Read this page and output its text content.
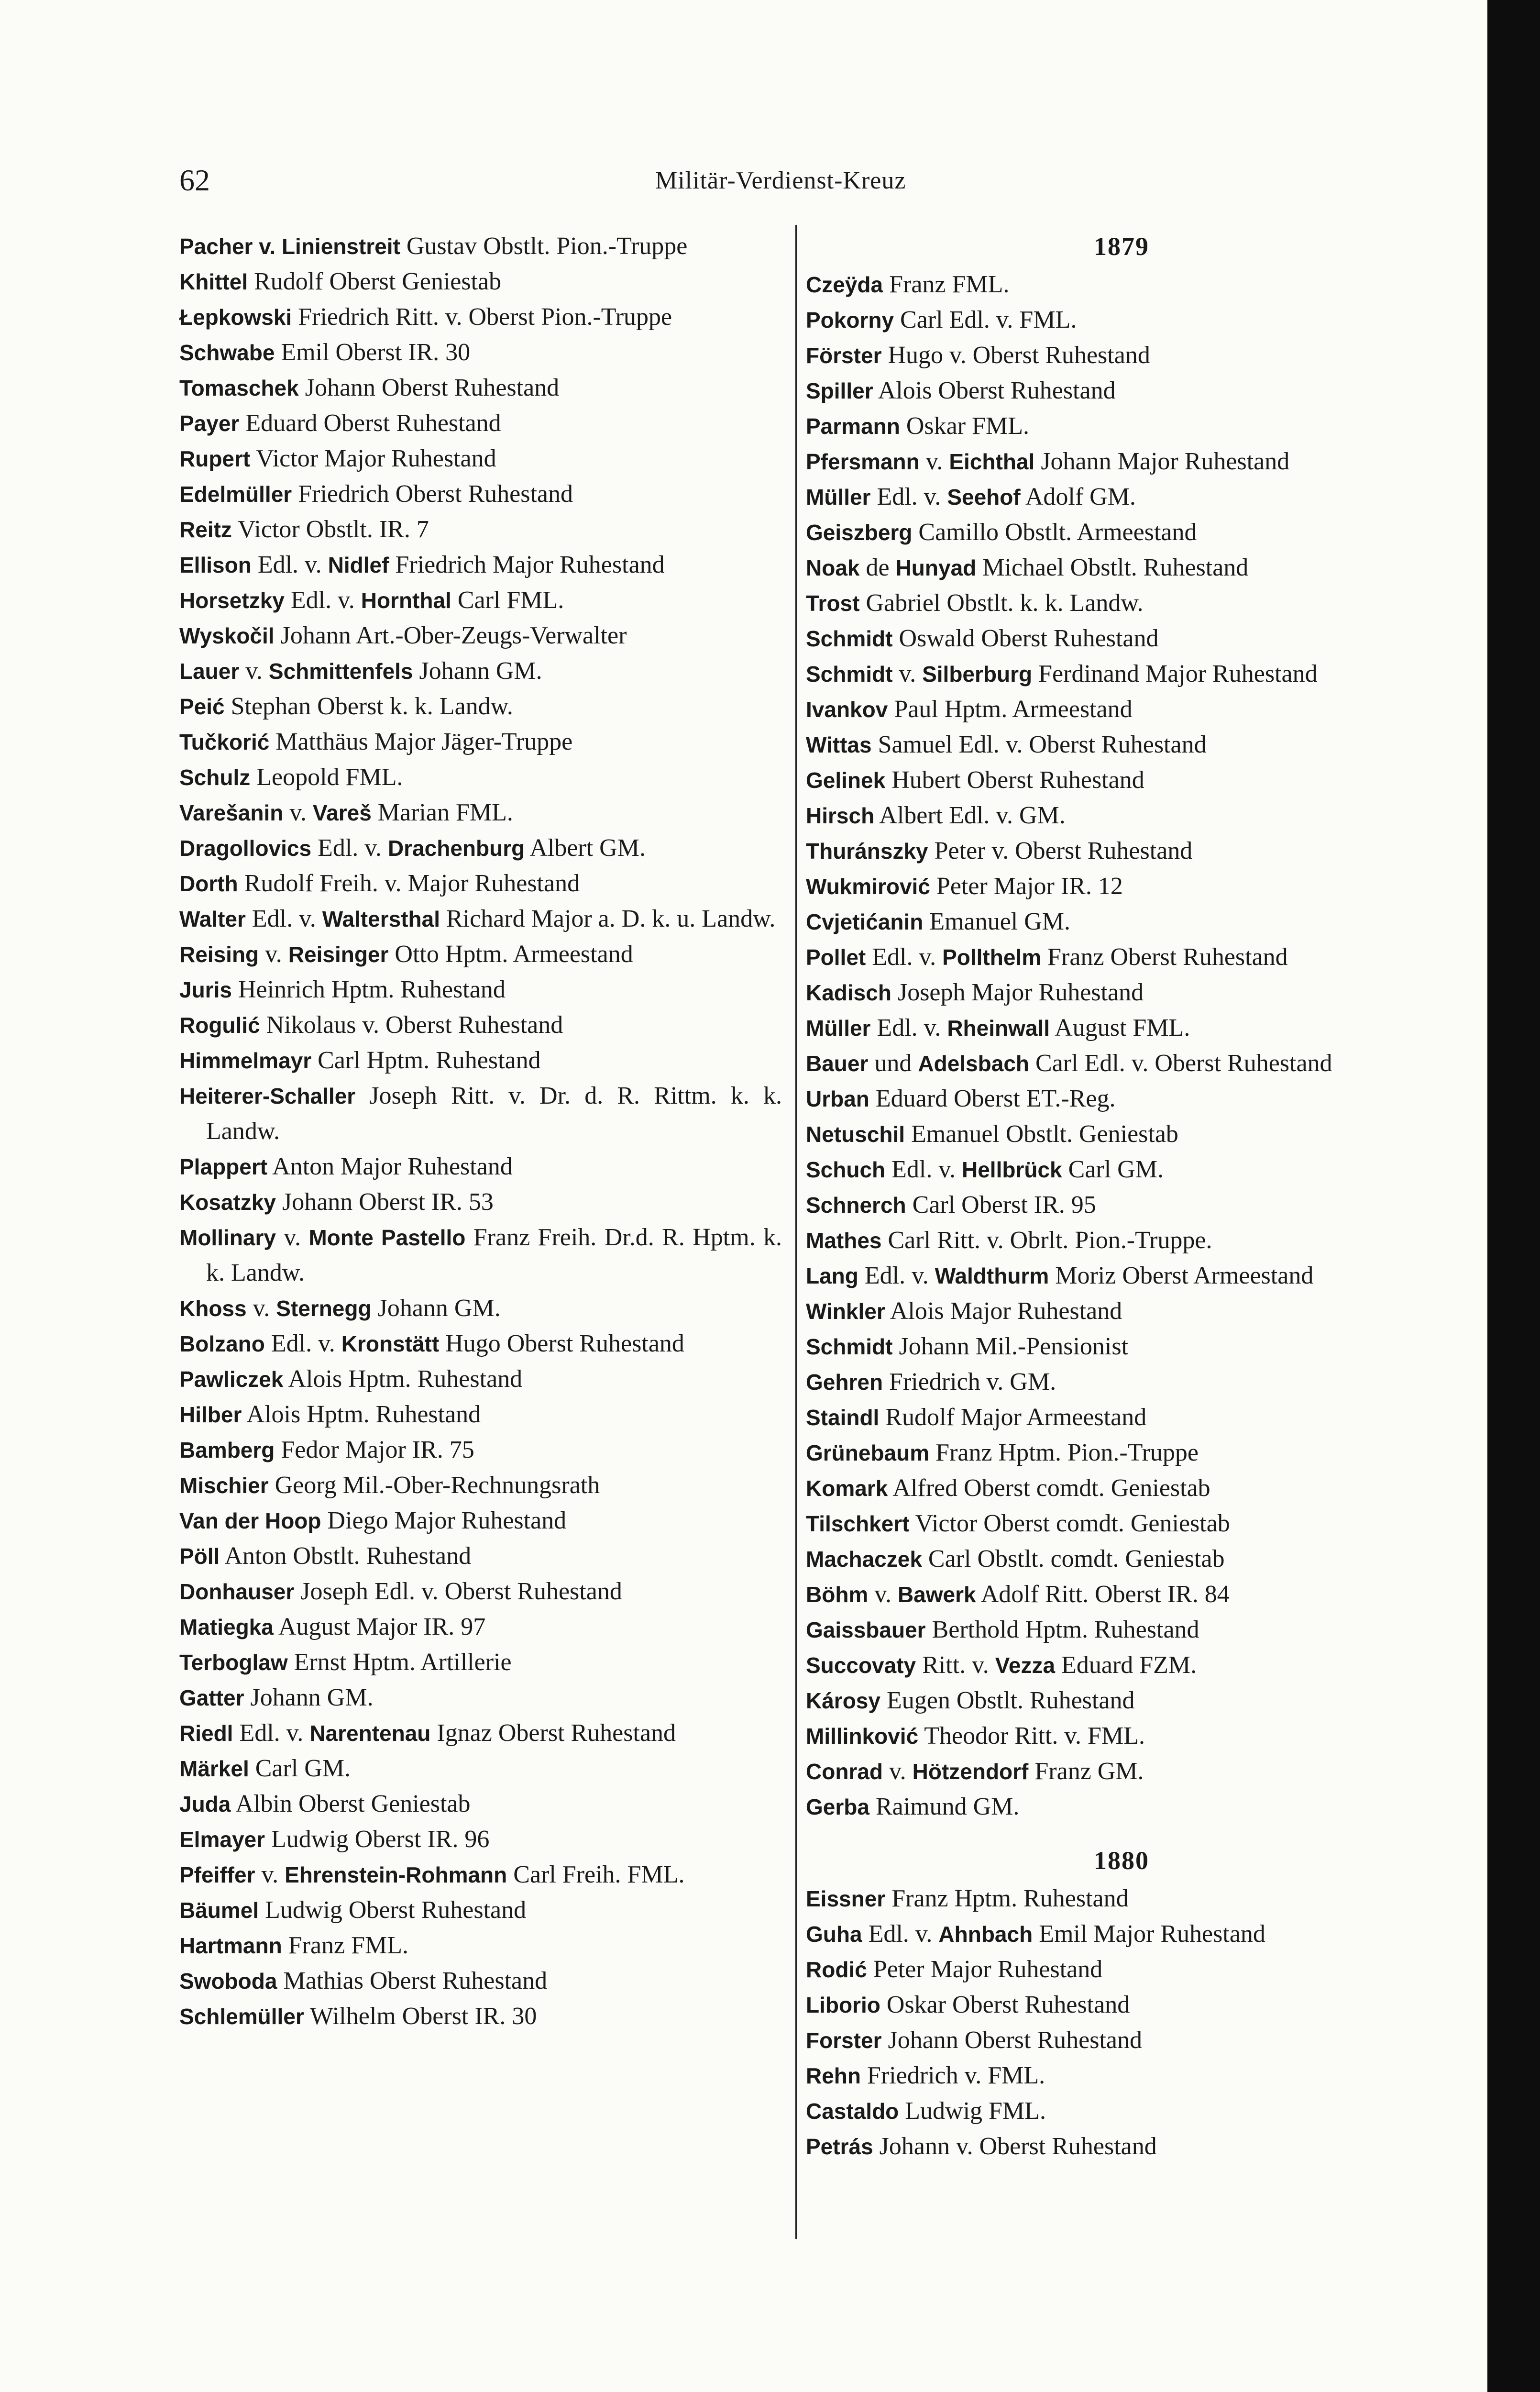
62	Militär-Verdienst-Kreuz
Pacher v. Linienstreit Gustav Obstlt. Pion.-Truppe
Khittel Rudolf Oberst Geniestab
Łepkowski Friedrich Ritt. v. Oberst Pion.-Truppe
Schwabe Emil Oberst IR. 30
Tomaschek Johann Oberst Ruhestand
Payer Eduard Oberst Ruhestand
Rupert Victor Major Ruhestand
Edelmüller Friedrich Oberst Ruhestand
Reitz Victor Obstlt. IR. 7
Ellison Edl. v. Nidlef Friedrich Major Ruhestand
Horsetzky Edl. v. Hornthal Carl FML.
Wyskočil Johann Art.-Ober-Zeugs-Verwalter
Lauer v. Schmittenfels Johann GM.
Peić Stephan Oberst k. k. Landw.
Tučkorić Matthäus Major Jäger-Truppe
Schulz Leopold FML.
Varešanin v. Vareš Marian FML.
Dragollovics Edl. v. Drachenburg Albert GM.
Dorth Rudolf Freih. v. Major Ruhestand
Walter Edl. v. Waltersthal Richard Major a. D. k. u. Landw.
Reising v. Reisinger Otto Hptm. Armeestand
Juris Heinrich Hptm. Ruhestand
Rogulić Nikolaus v. Oberst Ruhestand
Himmelmayr Carl Hptm. Ruhestand
Heiterer-Schaller Joseph Ritt. v. Dr. d. R. Rittm. k. k. Landw.
Plappert Anton Major Ruhestand
Kosatzky Johann Oberst IR. 53
Mollinary v. Monte Pastello Franz Freih. Dr.d. R. Hptm. k. k. Landw.
Khoss v. Sternegg Johann GM.
Bolzano Edl. v. Kronstätt Hugo Oberst Ruhestand
Pawliczek Alois Hptm. Ruhestand
Hilber Alois Hptm. Ruhestand
Bamberg Fedor Major IR. 75
Mischier Georg Mil.-Ober-Rechnungsrath
Van der Hoop Diego Major Ruhestand
Pöll Anton Obstlt. Ruhestand
Donhauser Joseph Edl. v. Oberst Ruhestand
Matiegka August Major IR. 97
Terboglaw Ernst Hptm. Artillerie
Gatter Johann GM.
Riedl Edl. v. Narentenau Ignaz Oberst Ruhestand
Märkel Carl GM.
Juda Albin Oberst Geniestab
Elmayer Ludwig Oberst IR. 96
Pfeiffer v. Ehrenstein-Rohmann Carl Freih. FML.
Bäumel Ludwig Oberst Ruhestand
Hartmann Franz FML.
Swoboda Mathias Oberst Ruhestand
Schlemüller Wilhelm Oberst IR. 30
1879
Czeÿda Franz FML.
Pokorny Carl Edl. v. FML.
Förster Hugo v. Oberst Ruhestand
Spiller Alois Oberst Ruhestand
Parmann Oskar FML.
Pfersmann v. Eichthal Johann Major Ruhestand
Müller Edl. v. Seehof Adolf GM.
Geiszberg Camillo Obstlt. Armeestand
Noak de Hunyad Michael Obstlt. Ruhestand
Trost Gabriel Obstlt. k. k. Landw.
Schmidt Oswald Oberst Ruhestand
Schmidt v. Silberburg Ferdinand Major Ruhestand
Ivankov Paul Hptm. Armeestand
Wittas Samuel Edl. v. Oberst Ruhestand
Gelinek Hubert Oberst Ruhestand
Hirsch Albert Edl. v. GM.
Thuránszky Peter v. Oberst Ruhestand
Wukmirović Peter Major IR. 12
Cvjetićanin Emanuel GM.
Pollet Edl. v. Pollthelm Franz Oberst Ruhestand
Kadisch Joseph Major Ruhestand
Müller Edl. v. Rheinwall August FML.
Bauer und Adelsbach Carl Edl. v. Oberst Ruhestand
Urban Eduard Oberst ET.-Reg.
Netuschil Emanuel Obstlt. Geniestab
Schuch Edl. v. Hellbrück Carl GM.
Schnerch Carl Oberst IR. 95
Mathes Carl Ritt. v. Obrlt. Pion.-Truppe.
Lang Edl. v. Waldthurm Moriz Oberst Armeestand
Winkler Alois Major Ruhestand
Schmidt Johann Mil.-Pensionist
Gehren Friedrich v. GM.
Staindl Rudolf Major Armeestand
Grünebaum Franz Hptm. Pion.-Truppe
Komark Alfred Oberst comdt. Geniestab
Tilschkert Victor Oberst comdt. Geniestab
Machaczek Carl Obstlt. comdt. Geniestab
Böhm v. Bawerk Adolf Ritt. Oberst IR. 84
Gaissbauer Berthold Hptm. Ruhestand
Succovaty Ritt. v. Vezza Eduard FZM.
Károsy Eugen Obstlt. Ruhestand
Millinković Theodor Ritt. v. FML.
Conrad v. Hötzendorf Franz GM.
Gerba Raimund GM.
1880
Eissner Franz Hptm. Ruhestand
Guha Edl. v. Ahnbach Emil Major Ruhestand
Rodić Peter Major Ruhestand
Liborio Oskar Oberst Ruhestand
Forster Johann Oberst Ruhestand
Rehn Friedrich v. FML.
Castaldo Ludwig FML.
Petrás Johann v. Oberst Ruhestand
